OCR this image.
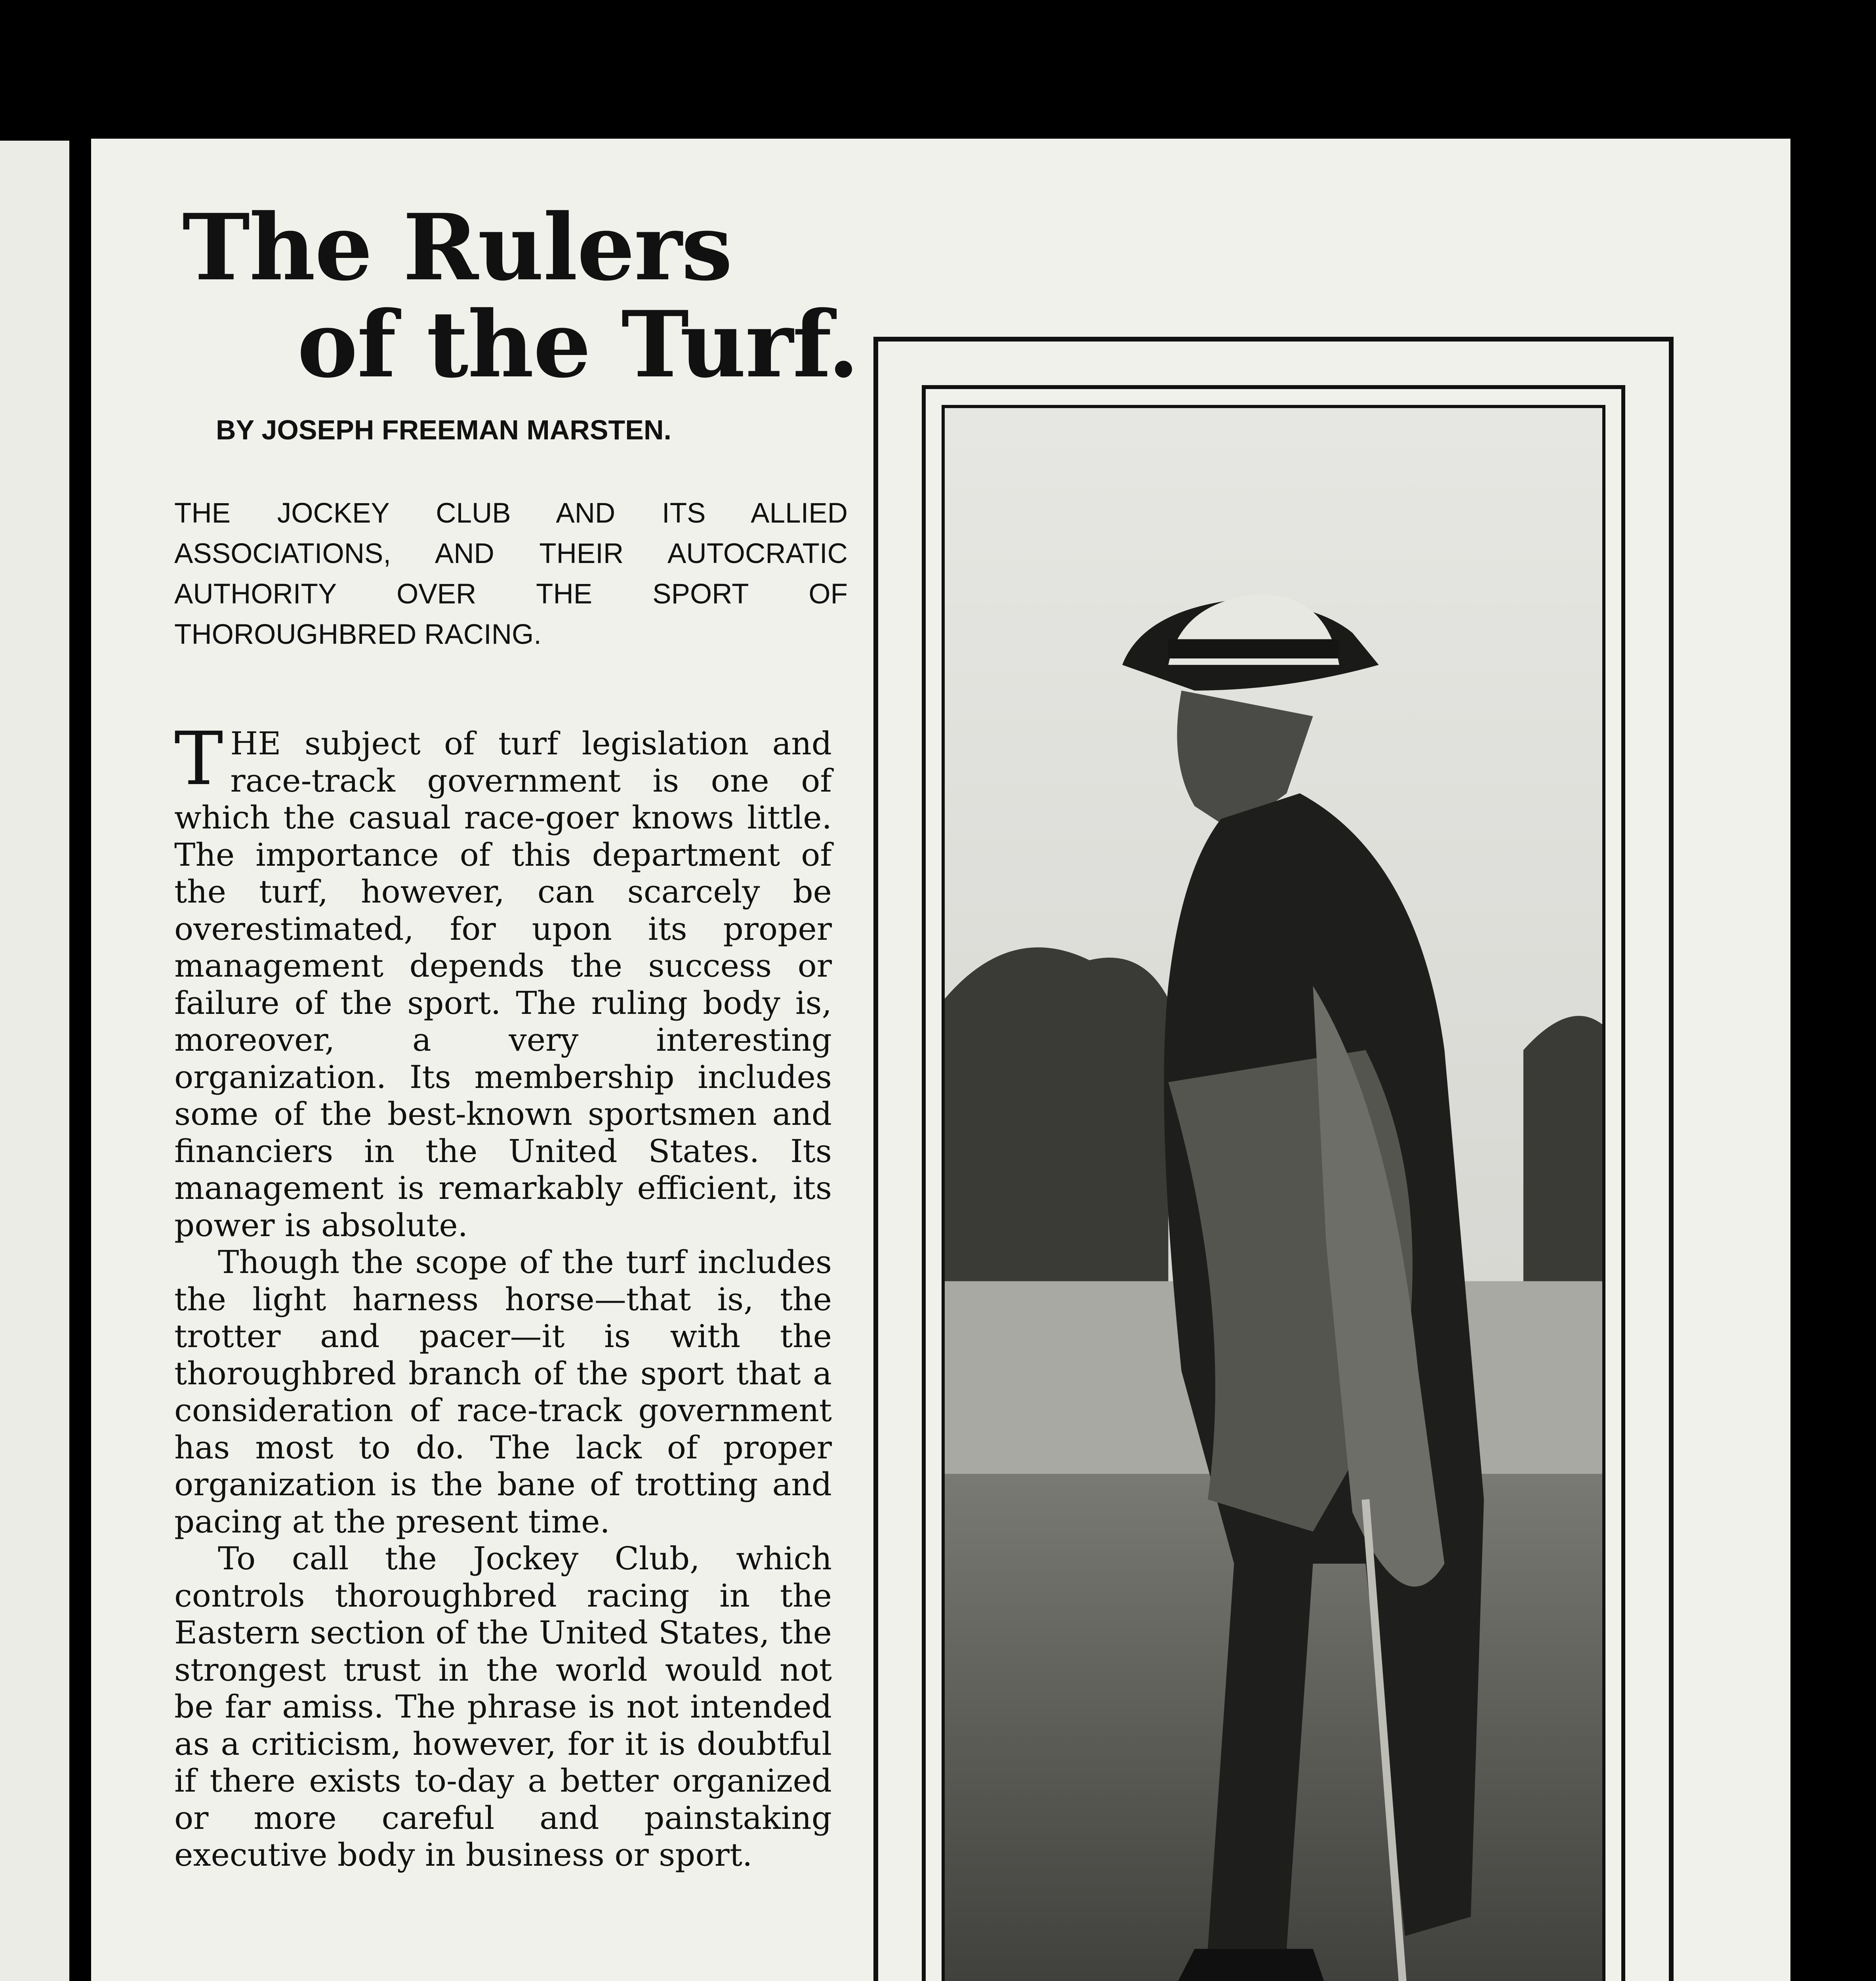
The Rulers
of the Turf.
BY JOSEPH FREEMAN MARSTEN.
THE JOCKEY CLUB AND ITS ALLIED ASSOCIATIONS, AND THEIR AUTOCRATIC AUTHORITY OVER THE SPORT OF THOROUGHBRED RACING.

THE subject of turf legislation and race-track government is one of which the casual race-goer knows little. The importance of this department of the turf, however, can scarcely be overestimated, for upon its proper management depends the success or failure of the sport. The ruling body is, moreover, a very interesting organization. Its membership includes some of the best-known sportsmen and financiers in the United States. Its management is remarkably efficient, its power is absolute.

Though the scope of the turf includes the light harness horse—that is, the trotter and pacer—it is with the thoroughbred branch of the sport that a consideration of race-track government has most to do. The lack of proper organization is the bane of trotting and pacing at the present time.

To call the Jockey Club, which controls thoroughbred racing in the Eastern section of the United States, the strongest trust in the world would not be far amiss. The phrase is not intended as a criticism, however, for it is doubtful if there exists to-day a better organized or more careful and painstaking executive body in business or sport.
